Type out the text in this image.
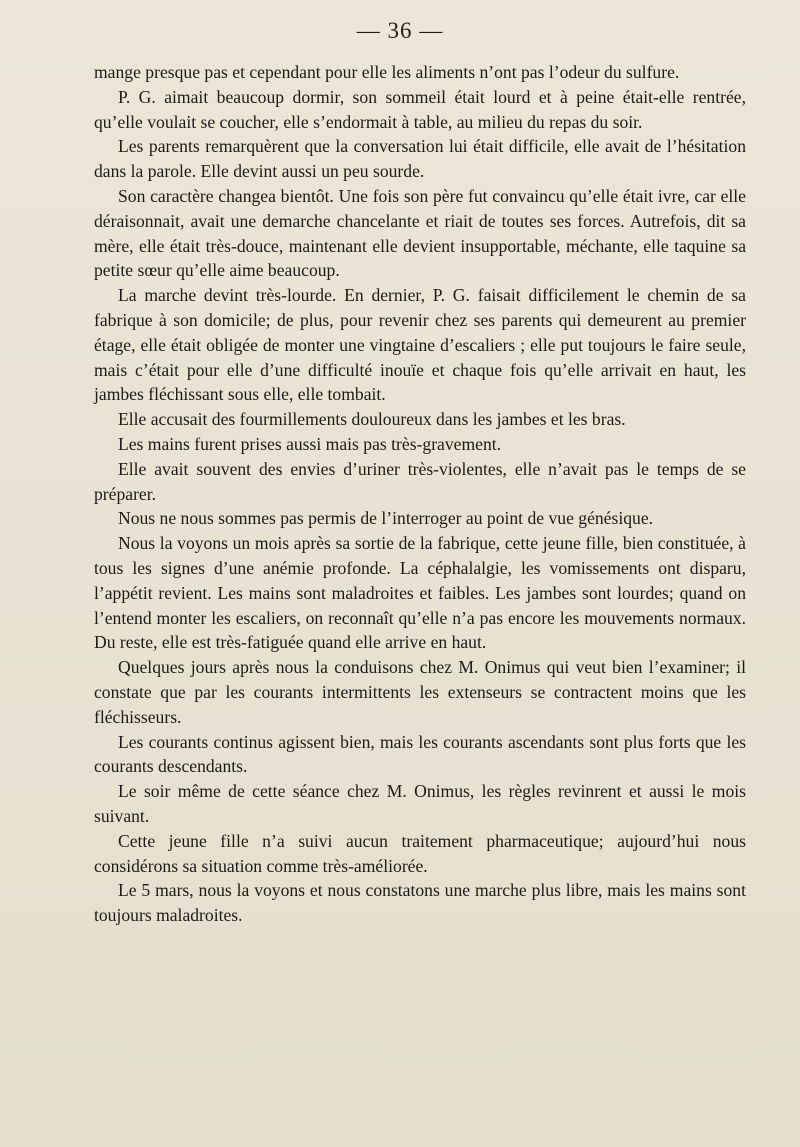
— 36 —

mange presque pas et cependant pour elle les aliments n’ont pas l’odeur du sulfure.

P. G. aimait beaucoup dormir, son sommeil était lourd et à peine était-elle rentrée, qu’elle voulait se coucher, elle s’endormait à table, au milieu du repas du soir.

Les parents remarquèrent que la conversation lui était difficile, elle avait de l’hésitation dans la parole. Elle devint aussi un peu sourde.

Son caractère changea bientôt. Une fois son père fut convaincu qu’elle était ivre, car elle déraisonnait, avait une demarche chancelante et riait de toutes ses forces. Autrefois, dit sa mère, elle était très-douce, maintenant elle devient insupportable, méchante, elle taquine sa petite sœur qu’elle aime beaucoup.

La marche devint très-lourde. En dernier, P. G. faisait difficilement le chemin de sa fabrique à son domicile; de plus, pour revenir chez ses parents qui demeurent au premier étage, elle était obligée de monter une vingtaine d’escaliers ; elle put toujours le faire seule, mais c’était pour elle d’une difficulté inouïe et chaque fois qu’elle arrivait en haut, les jambes fléchissant sous elle, elle tombait.

Elle accusait des fourmillements douloureux dans les jambes et les bras.

Les mains furent prises aussi mais pas très-gravement.

Elle avait souvent des envies d’uriner très-violentes, elle n’avait pas le temps de se préparer.

Nous ne nous sommes pas permis de l’interroger au point de vue génésique.

Nous la voyons un mois après sa sortie de la fabrique, cette jeune fille, bien constituée, à tous les signes d’une anémie profonde. La céphalalgie, les vomissements ont disparu, l’appétit revient. Les mains sont maladroites et faibles. Les jambes sont lourdes; quand on l’entend monter les escaliers, on reconnaît qu’elle n’a pas encore les mouvements normaux. Du reste, elle est très-fatiguée quand elle arrive en haut.

Quelques jours après nous la conduisons chez M. Onimus qui veut bien l’examiner; il constate que par les courants intermittents les extenseurs se contractent moins que les fléchisseurs.

Les courants continus agissent bien, mais les courants ascendants sont plus forts que les courants descendants.

Le soir même de cette séance chez M. Onimus, les règles revinrent et aussi le mois suivant.

Cette jeune fille n’a suivi aucun traitement pharmaceutique; aujourd’hui nous considérons sa situation comme très-améliorée.

Le 5 mars, nous la voyons et nous constatons une marche plus libre, mais les mains sont toujours maladroites.
